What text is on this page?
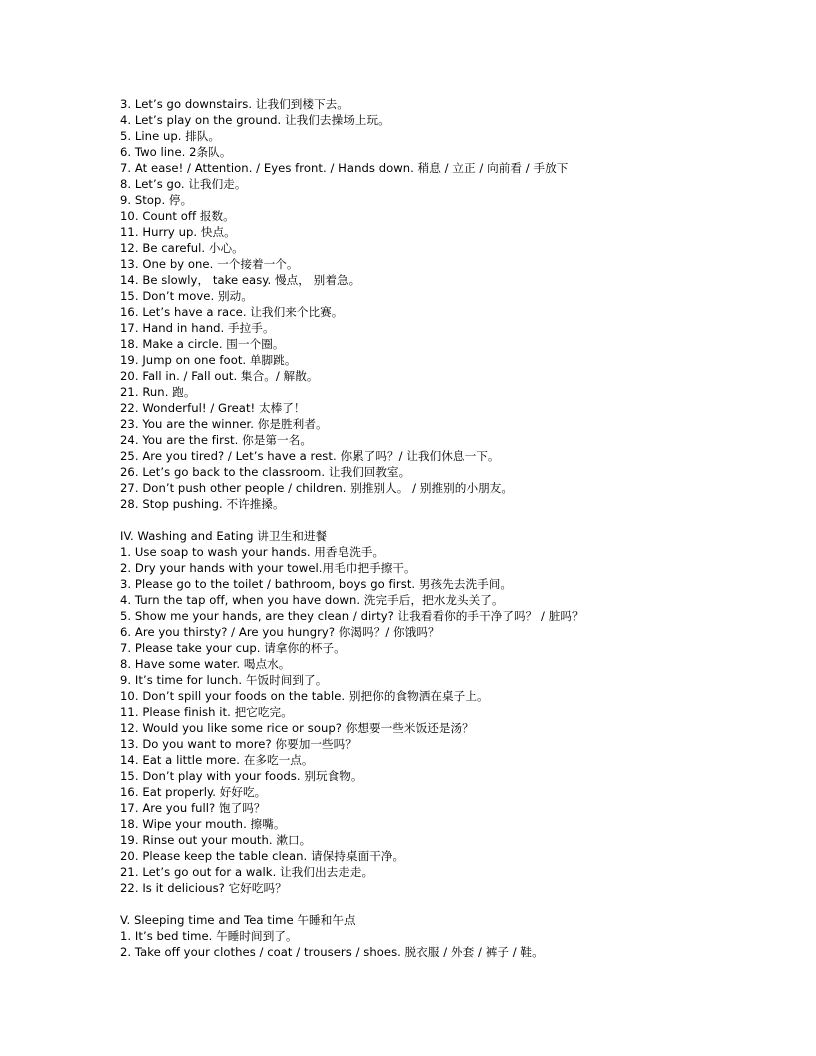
3. Let’s go downstairs. 让我们到楼下去。
4. Let’s play on the ground. 让我们去操场上玩。
5. Line up. 排队。
6. Two line. 2条队。
7. At ease! / Attention. / Eyes front. / Hands down. 稍息 / 立正 / 向前看 / 手放下
8. Let’s go. 让我们走。
9. Stop. 停。
10. Count off 报数。
11. Hurry up. 快点。
12. Be careful. 小心。
13. One by one. 一个接着一个。
14. Be slowly， take easy. 慢点， 别着急。
15. Don’t move. 别动。
16. Let’s have a race. 让我们来个比赛。
17. Hand in hand. 手拉手。
18. Make a circle. 围一个圈。
19. Jump on one foot. 单脚跳。
20. Fall in. / Fall out. 集合。/ 解散。
21. Run. 跑。
22. Wonderful! / Great! 太棒了！
23. You are the winner. 你是胜利者。
24. You are the first. 你是第一名。
25. Are you tired? / Let’s have a rest. 你累了吗？/ 让我们休息一下。
26. Let’s go back to the classroom. 让我们回教室。
27. Don’t push other people / children. 别推别人。 / 别推别的小朋友。
28. Stop pushing. 不许推搡。
IV. Washing and Eating 讲卫生和进餐
1. Use soap to wash your hands. 用香皂洗手。
2. Dry your hands with your towel.用毛巾把手擦干。
3. Please go to the toilet / bathroom, boys go first. 男孩先去洗手间。
4. Turn the tap off, when you have down. 洗完手后，把水龙头关了。
5. Show me your hands, are they clean / dirty? 让我看看你的手干净了吗？ / 脏吗？
6. Are you thirsty? / Are you hungry? 你渴吗？/ 你饿吗？
7. Please take your cup. 请拿你的杯子。
8. Have some water. 喝点水。
9. It’s time for lunch. 午饭时间到了。
10. Don’t spill your foods on the table. 别把你的食物洒在桌子上。
11. Please finish it. 把它吃完。
12. Would you like some rice or soup? 你想要一些米饭还是汤？
13. Do you want to more? 你要加一些吗？
14. Eat a little more. 在多吃一点。
15. Don’t play with your foods. 别玩食物。
16. Eat properly. 好好吃。
17. Are you full? 饱了吗？
18. Wipe your mouth. 擦嘴。
19. Rinse out your mouth. 漱口。
20. Please keep the table clean. 请保持桌面干净。
21. Let’s go out for a walk. 让我们出去走走。
22. Is it delicious? 它好吃吗？
V. Sleeping time and Tea time 午睡和午点
1. It’s bed time. 午睡时间到了。
2. Take off your clothes / coat / trousers / shoes. 脱衣服 / 外套 / 裤子 / 鞋。
